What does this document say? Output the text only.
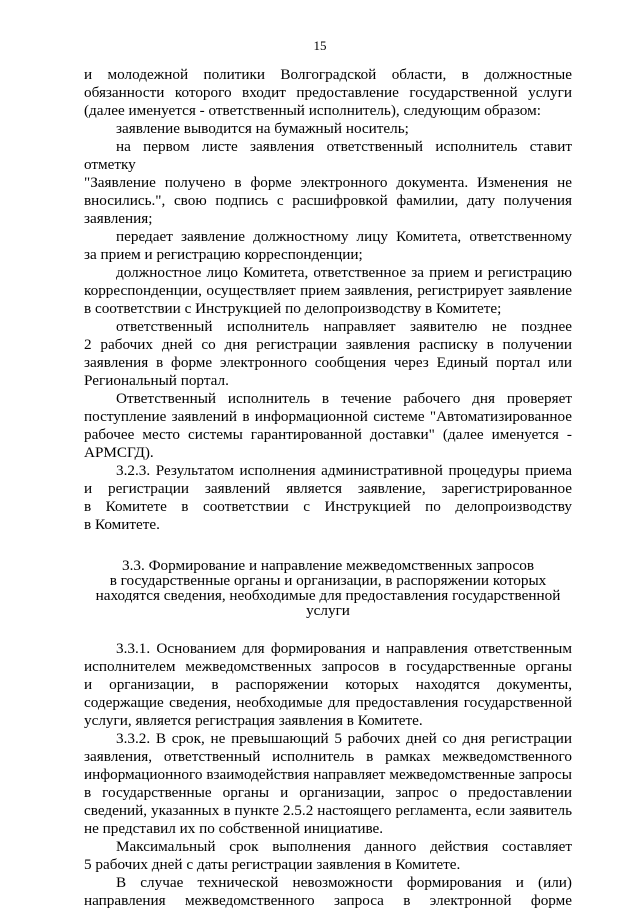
15

и молодежной политики Волгоградской области, в должностные

обязанности которого входит предоставление государственной услуги

(далее именуется - ответственный исполнитель), следующим образом:

заявление выводится на бумажный носитель;

на первом листе заявления ответственный исполнитель ставит отметку

"Заявление получено в форме электронного документа. Изменения не

вносились.", свою подпись с расшифровкой фамилии, дату получения

заявления;

передает заявление должностному лицу Комитета, ответственному

за прием и регистрацию корреспонденции;

должностное лицо Комитета, ответственное за прием и регистрацию

корреспонденции, осуществляет прием заявления, регистрирует заявление

в соответствии с Инструкцией по делопроизводству в Комитете;

ответственный исполнитель направляет заявителю не позднее

2 рабочих дней со дня регистрации заявления расписку в получении

заявления в форме электронного сообщения через Единый портал или

Региональный портал.

Ответственный исполнитель в течение рабочего дня проверяет

поступление заявлений в информационной системе "Автоматизированное

рабочее место системы гарантированной доставки" (далее именуется -

АРМСГД).

3.2.3. Результатом исполнения административной процедуры приема

и регистрации заявлений является заявление, зарегистрированное

в Комитете в соответствии с Инструкцией по делопроизводству

в Комитете.

3.3. Формирование и направление межведомственных запросов
в государственные органы и организации, в распоряжении которых
находятся сведения, необходимые для предоставления государственной
услуги

3.3.1. Основанием для формирования и направления ответственным

исполнителем межведомственных запросов в государственные органы

и организации, в распоряжении которых находятся документы,

содержащие сведения, необходимые для предоставления государственной

услуги, является регистрация заявления в Комитете.

3.3.2. В срок, не превышающий 5 рабочих дней со дня регистрации

заявления, ответственный исполнитель в рамках межведомственного

информационного взаимодействия направляет межведомственные запросы

в государственные органы и организации, запрос о предоставлении

сведений, указанных в пункте 2.5.2 настоящего регламента, если заявитель

не представил их по собственной инициативе.

Максимальный срок выполнения данного действия составляет

5 рабочих дней с даты регистрации заявления в Комитете.

В случае технической невозможности формирования и (или)

направления межведомственного запроса в электронной форме
